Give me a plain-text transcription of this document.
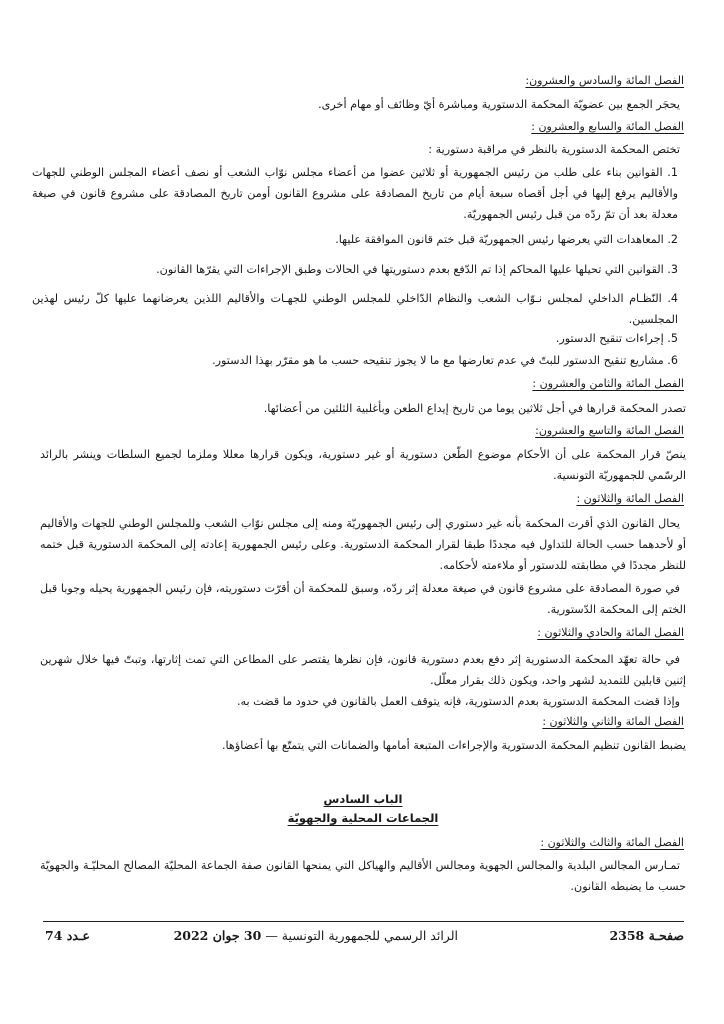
الفصل المائة والسادس والعشرون:
يحجَر الجمع بين عضويّة المحكمة الدستورية ومباشرة أيّ وظائف أو مهام أخرى.
الفصل المائة والسابع والعشرون :
تختص المحكمة الدستورية بالنظر في مراقبة دستورية :
1. القوانين بناء على طلب من رئيس الجمهورية أو ثلاثين عضوا من أعضاء مجلس نوّاب الشعب أو نصف أعضاء المجلس الوطني للجهات والأقاليم يرفع إليها في أجل أقصاه سبعة أيام من تاريخ المصادقة على مشروع القانون أومن تاريخ المصادقة على مشروع قانون في صيغة معدلة بعد أن تمّ ردّه من قبل رئيس الجمهوريّة.
2. المعاهدات التي يعرضها رئيس الجمهوريّة قبل ختم قانون الموافقة عليها.
3. القوانين التي تحيلها عليها المحاكم إذا تم الدّفع بعدم دستوريتها في الحالات وطبق الإجراءات التي يقرّها القانون.
4. النّظـام الداخلي لمجلس نـوّاب الشعب والنظام الدّاخلي للمجلس الوطني للجهـات والأقاليم اللذين يعرضانهما عليها كلّ رئيس لهذين المجلسين.
5. إجراءات تنقيح الدستور.
6. مشاريع تنقيح الدستور للبتّ في عدم تعارضها مع ما لا يجوز تنقيحه حسب ما هو مقرّر بهذا الدستور.
الفصل المائة والثامن والعشرون :
تصدر المحكمة قرارها في أجل ثلاثين يوما من تاريخ إيداع الطعن وبأغلبية الثلثين من أعضائها.
الفصل المائة والتاسع والعشرون:
ينصّ قرار المحكمة على أن الأحكام موضوع الطّعن دستورية أو غير دستورية، ويكون قرارها معللا وملزما لجميع السلطات وينشر بالرائد الرسّمي للجمهوريّة التونسية.
الفصل المائة والثلاثون :
يحال القانون الذي أقرت المحكمة بأنه غير دستوري إلى رئيس الجمهوريّة ومنه إلى مجلس نوّاب الشعب وللمجلس الوطني للجهات والأقاليم أو لأحدهما حسب الحالة للتداول فيه مجددًا طبقا لقرار المحكمة الدستورية. وعلى رئيس الجمهورية إعادته إلى المحكمة الدستورية قبل ختمه للنظر مجددًا في مطابقته للدستور أو ملاءمته لأحكامه.
في صورة المصادقة على مشروع قانون في صيغة معدلة إثر ردّه، وسبق للمحكمة أن أقرّت دستوريته، فإن رئيس الجمهورية يحيله وجوبا قبل الختم إلى المحكمة الدّستورية.
الفصل المائة والحادي والثلاثون :
في حالة تعهّد المحكمة الدستورية إثر دفع بعدم دستورية قانون، فإن نظرها يقتصر على المطاعن التي تمت إثارتها، وتبتّ فيها خلال شهرين إثنين قابلين للتمديد لشهر واحد، ويكون ذلك بقرار معلّل.
وإذا قضت المحكمة الدستورية بعدم الدستورية، فإنه يتوقف العمل بالقانون في حدود ما قضت به.
الفصل المائة والثاني والثلاثون :
يضبط القانون تنظيم المحكمة الدستورية والإجراءات المتبعة أمامها والضمانات التي يتمتّع بها أعضاؤها.
الباب السادس
الجماعات المحلية والجهويّة
الفصل المائة والثالث والثلاثون :
تمـارس المجالس البلدية والمجالس الجهوية ومجالس الأقاليم والهياكل التي يمنحها القانون صفة الجماعة المحليّة المصالح المحليّـة والجهويّة حسب ما يضبطه القانون.
صفحـة 2358
الرائد الرسمي للجمهورية التونسية — 30 جوان 2022
عـدد 74
